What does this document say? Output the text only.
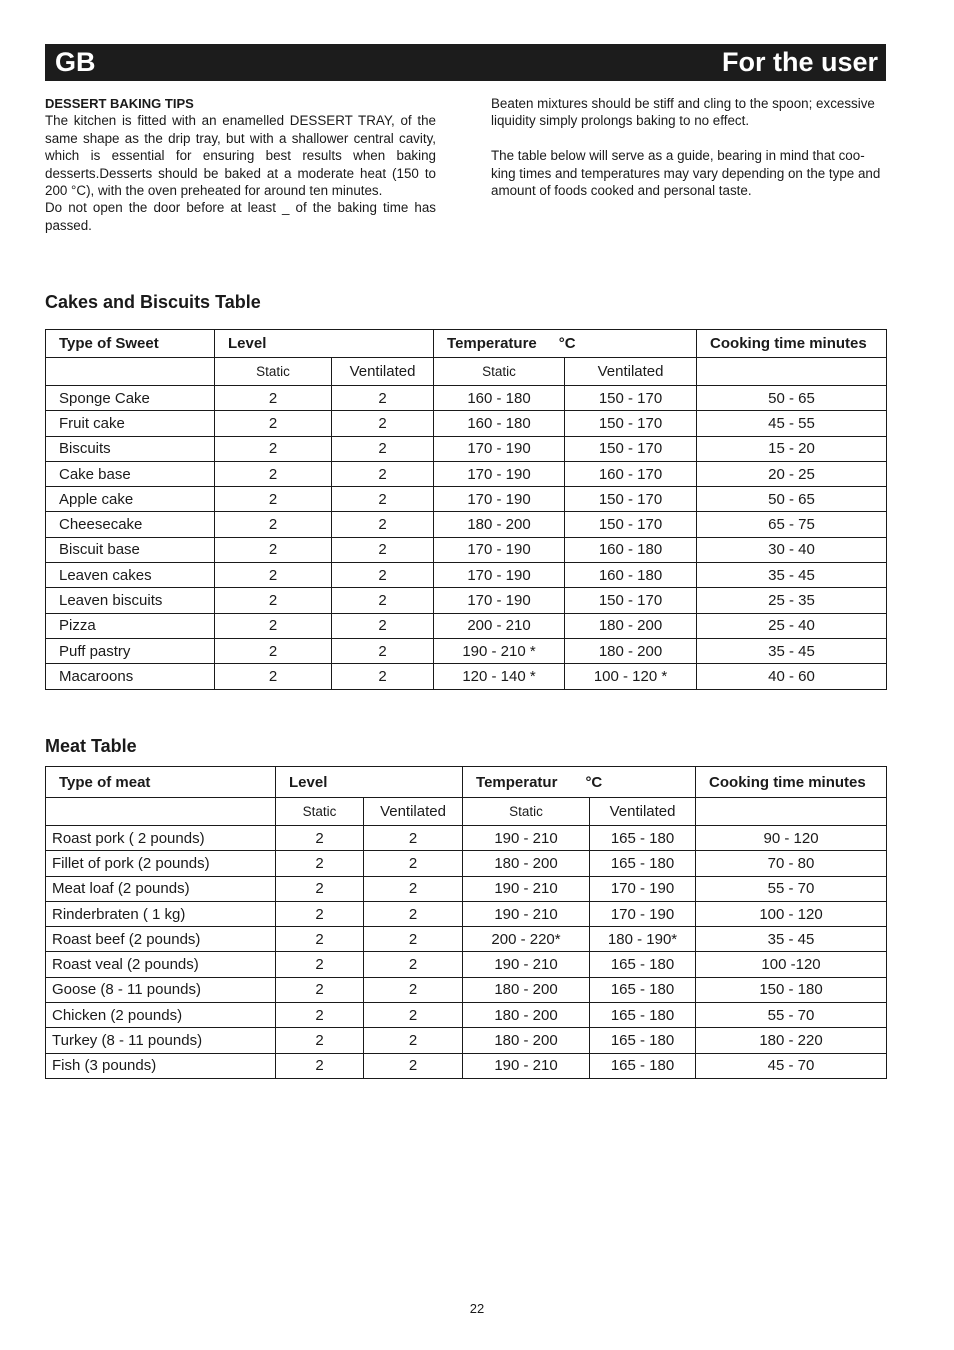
GB	For the user

DESSERT BAKING TIPS

The kitchen is fitted with an enamelled DESSERT TRAY, of the same shape as the drip tray, but with a shallower central cavity, which is essential for ensuring best results when baking desserts.Desserts should be baked at a moderate heat (150 to 200 °C), with the oven preheated for around ten minutes.

Do not open the door before at least _ of the baking time has passed.

Beaten mixtures should be stiff and cling to the spoon; excessive liquidity simply prolongs baking to no effect.

The table below will serve as a guide, bearing in mind that coo-king times and temperatures may vary depending on the type and amount of foods cooked and personal taste.

Cakes and Biscuits Table
Type of Sweet	Level		Temperature °C		Cooking time minutes
	Static	Ventilated	Static	Ventilated	
Sponge Cake	2	2	160 - 180	150 - 170	50 - 65
Fruit cake	2	2	160 - 180	150 - 170	45 - 55
Biscuits	2	2	170 - 190	150 - 170	15 - 20
Cake base	2	2	170 - 190	160 - 170	20 - 25
Apple cake	2	2	170 - 190	150 - 170	50 - 65
Cheesecake	2	2	180 - 200	150 - 170	65 - 75
Biscuit base	2	2	170 - 190	160 - 180	30 - 40
Leaven cakes	2	2	170 - 190	160 - 180	35 - 45
Leaven biscuits	2	2	170 - 190	150 - 170	25 - 35
Pizza	2	2	200 - 210	180 - 200	25 - 40
Puff pastry	2	2	190 - 210 *	180 - 200	35 - 45
Macaroons	2	2	120 - 140 *	100 - 120 *	40 - 60
Meat Table
Type of meat	Level		Temperatur °C		Cooking time minutes
	Static	Ventilated	Static	Ventilated	
Roast pork ( 2 pounds)	2	2	190 - 210	165 - 180	90 - 120
Fillet of pork (2 pounds)	2	2	180 - 200	165 - 180	70 - 80
Meat loaf (2 pounds)	2	2	190 - 210	170 - 190	55 - 70
Rinderbraten ( 1 kg)	2	2	190 - 210	170 - 190	100 - 120
Roast beef (2 pounds)	2	2	200 - 220*	180 - 190*	35 - 45
Roast veal (2 pounds)	2	2	190 - 210	165 - 180	100 -120
Goose (8 - 11 pounds)	2	2	180 - 200	165 - 180	150 - 180
Chicken (2 pounds)	2	2	180 - 200	165 - 180	55 - 70
Turkey (8 - 11 pounds)	2	2	180 - 200	165 - 180	180 - 220
Fish (3 pounds)	2	2	190 - 210	165 - 180	45 - 70
22
